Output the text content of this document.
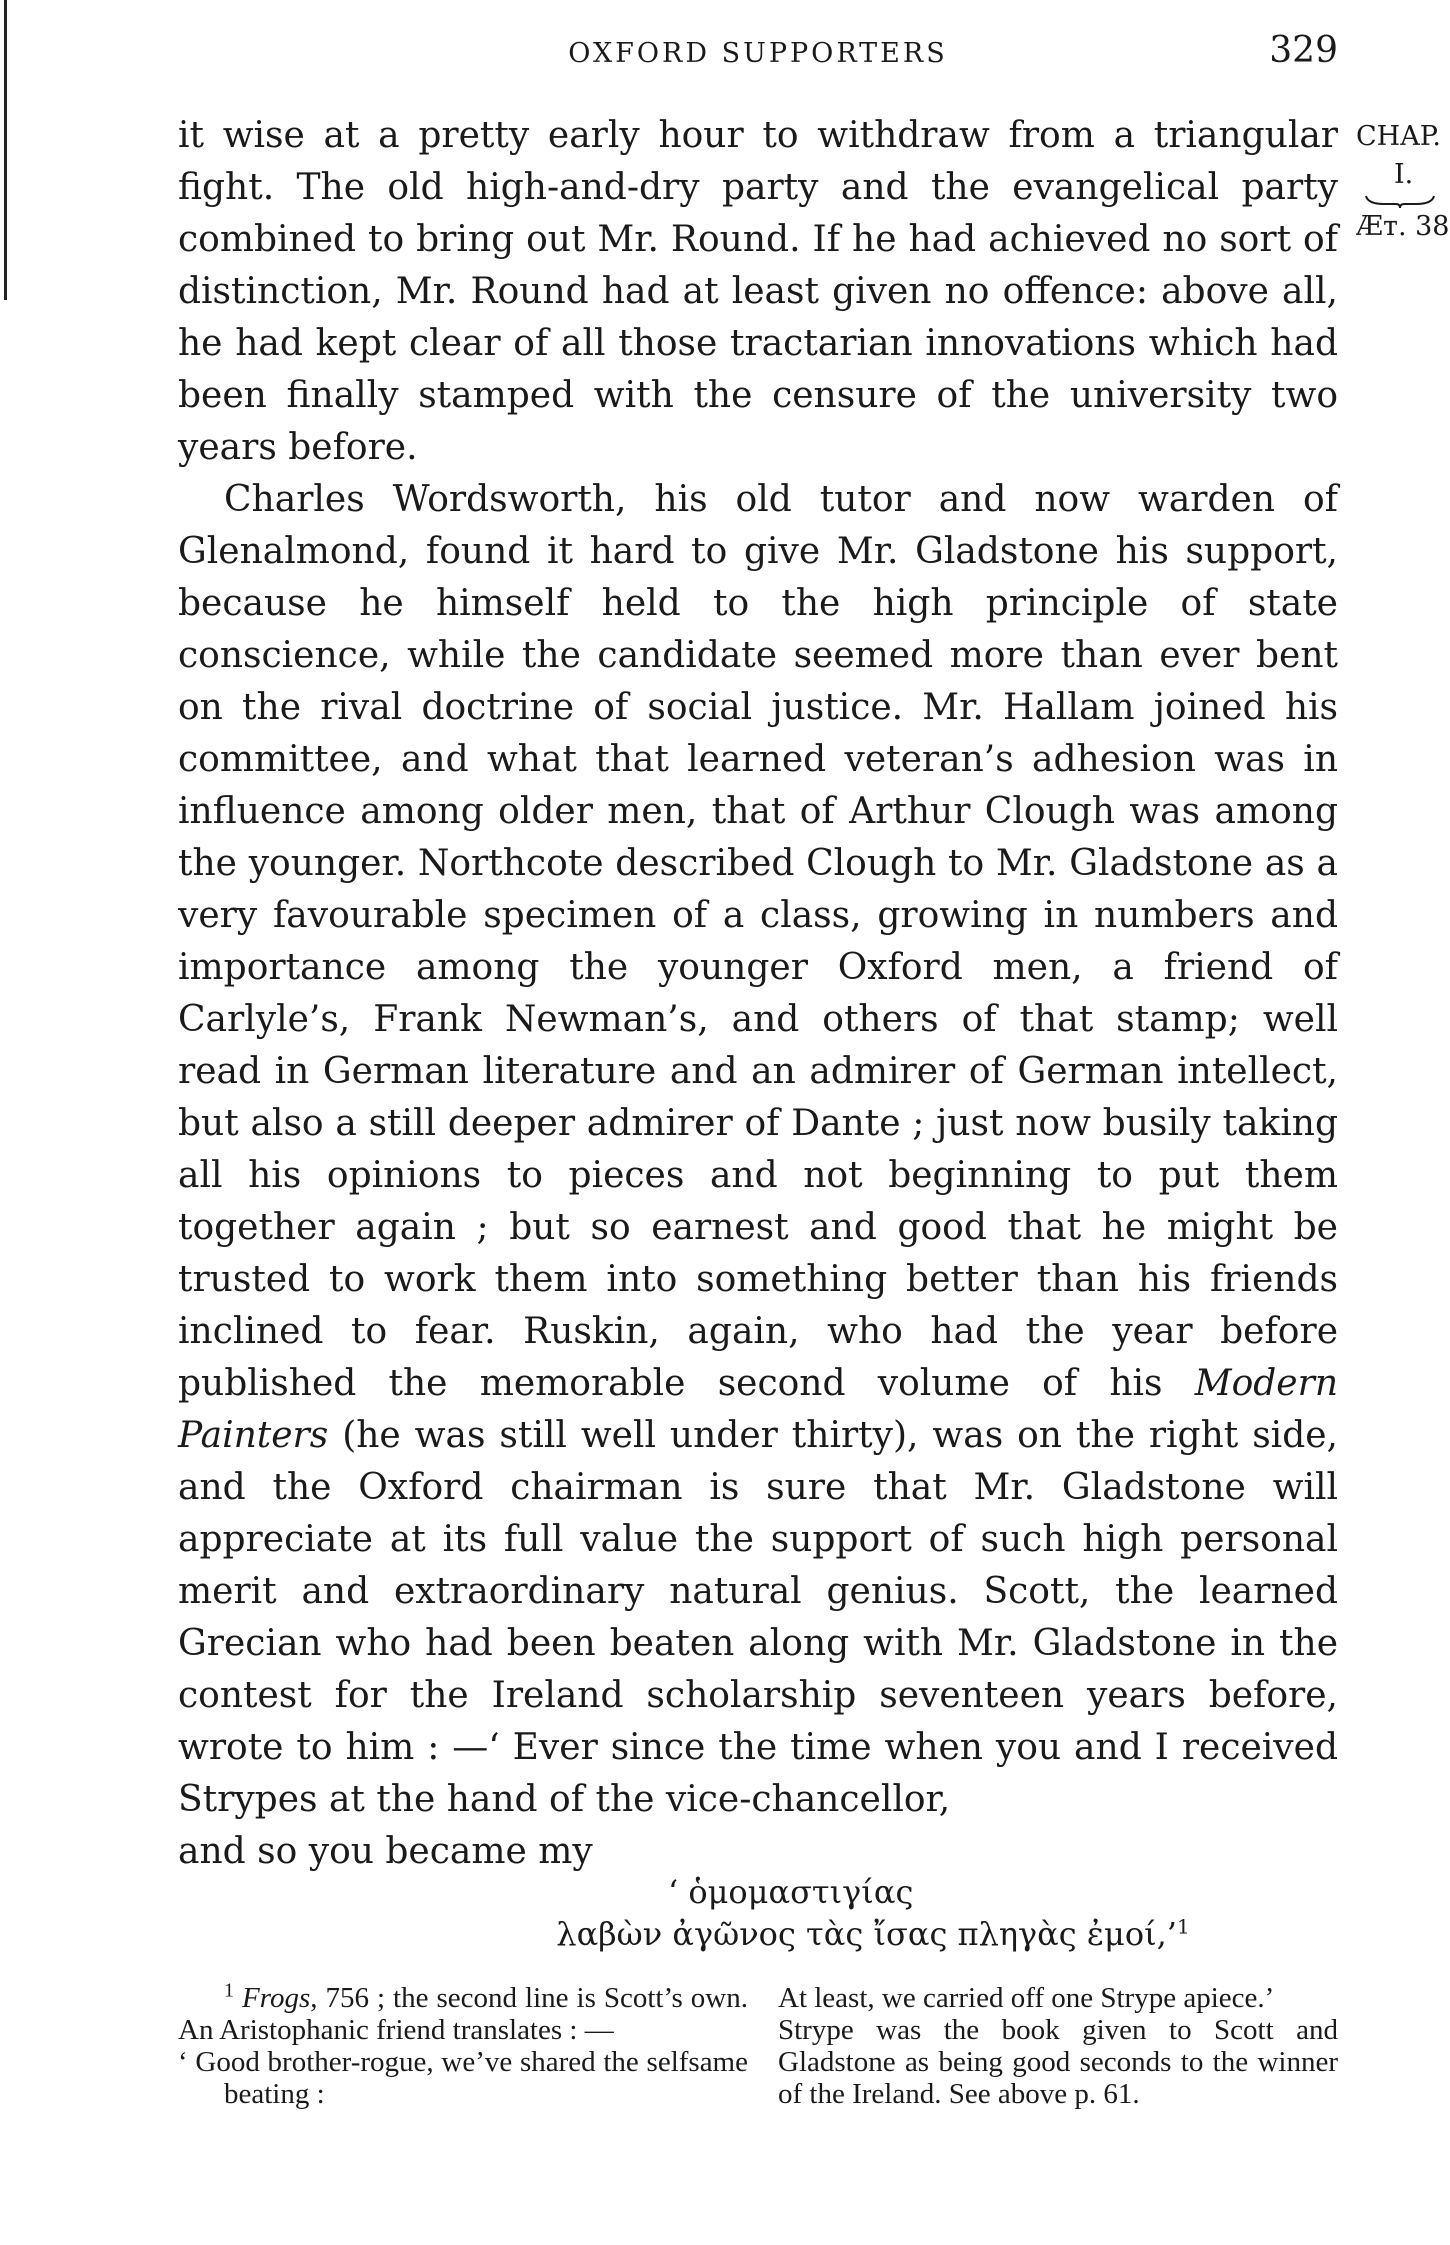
OXFORD SUPPORTERS	329
CHAP.
I.
Æт. 38

it wise at a pretty early hour to withdraw from a triangular fight. The old high-and-dry party and the evangelical party combined to bring out Mr. Round. If he had achieved no sort of distinction, Mr. Round had at least given no offence: above all, he had kept clear of all those tractarian innovations which had been finally stamped with the censure of the university two years before.

Charles Wordsworth, his old tutor and now warden of Glenalmond, found it hard to give Mr. Gladstone his support, because he himself held to the high principle of state conscience, while the candidate seemed more than ever bent on the rival doctrine of social justice. Mr. Hallam joined his committee, and what that learned veteran’s adhesion was in influence among older men, that of Arthur Clough was among the younger. Northcote described Clough to Mr. Gladstone as a very favourable specimen of a class, growing in numbers and importance among the younger Oxford men, a friend of Carlyle’s, Frank Newman’s, and others of that stamp; well read in German literature and an admirer of German intellect, but also a still deeper admirer of Dante ; just now busily taking all his opinions to pieces and not beginning to put them together again ; but so earnest and good that he might be trusted to work them into something better than his friends inclined to fear. Ruskin, again, who had the year before published the memorable second volume of his Modern Painters (he was still well under thirty), was on the right side, and the Oxford chairman is sure that Mr. Gladstone will appreciate at its full value the support of such high personal merit and extraordinary natural genius. Scott, the learned Grecian who had been beaten along with Mr. Gladstone in the contest for the Ireland scholarship seventeen years before, wrote to him : —‘ Ever since the time when you and I received Strypes at the hand of the vice-chancellor,

and so you became my

‘ ὁμομαστιγίας
λαβὼν ἀγῶνος τὰς ἴσας πληγὰς ἐμοί,’$^1$

$^1$ Frogs, 756 ; the second line is Scott’s own. An Aristophanic friend translates : —

‘ Good brother-rogue, we’ve shared the selfsame beating :

At least, we carried off one Strype apiece.’

Strype was the book given to Scott and Gladstone as being good seconds to the winner of the Ireland. See above p. 61.
